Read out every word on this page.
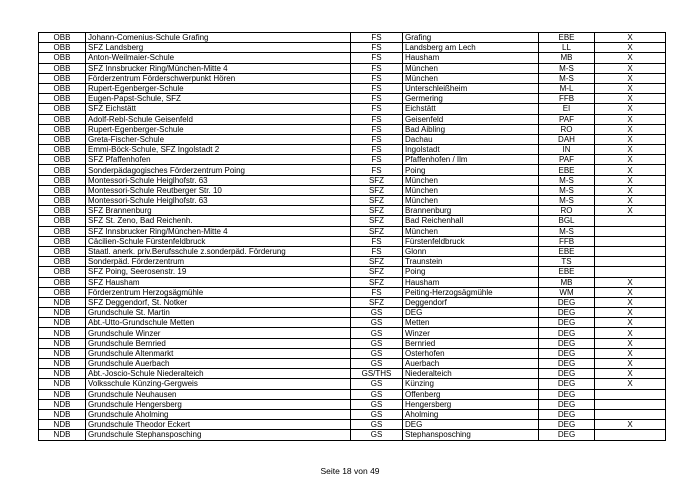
OBB	Johann-Comenius-Schule Grafing	FS	Grafing	EBE	X
OBB	SFZ Landsberg	FS	Landsberg am Lech	LL	X
OBB	Anton-Weilmaier-Schule	FS	Hausham	MB	X
OBB	SFZ Innsbrucker Ring/München-Mitte 4	FS	München	M-S	X
OBB	Förderzentrum Förderschwerpunkt Hören	FS	München	M-S	X
OBB	Rupert-Egenberger-Schule	FS	Unterschleißheim	M-L	X
OBB	Eugen-Papst-Schule, SFZ	FS	Germering	FFB	X
OBB	SFZ Eichstätt	FS	Eichstätt	EI	X
OBB	Adolf-Rebl-Schule Geisenfeld	FS	Geisenfeld	PAF	X
OBB	Rupert-Egenberger-Schule	FS	Bad Aibling	RO	X
OBB	Greta-Fischer-Schule	FS	Dachau	DAH	X
OBB	Emmi-Böck-Schule, SFZ Ingolstadt 2	FS	Ingolstadt	IN	X
OBB	SFZ Pfaffenhofen	FS	Pfaffenhofen / Ilm	PAF	X
OBB	Sonderpädagogisches Förderzentrum Poing	FS	Poing	EBE	X
OBB	Montessori-Schule Heiglhofstr. 63	SFZ	München	M-S	X
OBB	Montessori-Schule Reutberger Str. 10	SFZ	München	M-S	X
OBB	Montessori-Schule Heiglhofstr. 63	SFZ	München	M-S	X
OBB	SFZ Brannenburg	SFZ	Brannenburg	RO	X
OBB	SFZ St. Zeno, Bad Reichenh.	SFZ	Bad Reichenhall	BGL	
OBB	SFZ Innsbrucker Ring/München-Mitte 4	SFZ	München	M-S	
OBB	Cäcilien-Schule Fürstenfeldbruck	FS	Fürstenfeldbruck	FFB	
OBB	Staatl. anerk. priv.Berufsschule z.sonderpäd. Förderung	FS	Glonn	EBE	
OBB	Sonderpäd. Förderzentrum	SFZ	Traunstein	TS	
OBB	SFZ Poing, Seerosenstr. 19	SFZ	Poing	EBE	
OBB	SFZ Hausham	SFZ	Hausham	MB	X
OBB	Förderzentrum Herzogsägmühle	FS	Peiting-Herzogsägmühle	WM	X
NDB	SFZ Deggendorf, St. Notker	SFZ	Deggendorf	DEG	X
NDB	Grundschule St. Martin	GS	DEG	DEG	X
NDB	Abt.-Utto-Grundschule Metten	GS	Metten	DEG	X
NDB	Grundschule Winzer	GS	Winzer	DEG	X
NDB	Grundschule Bernried	GS	Bernried	DEG	X
NDB	Grundschule Altenmarkt	GS	Osterhofen	DEG	X
NDB	Grundschule Auerbach	GS	Auerbach	DEG	X
NDB	Abt.-Joscio-Schule Niederalteich	GS/THS	Niederalteich	DEG	X
NDB	Volksschule Künzing-Gergweis	GS	Künzing	DEG	X
NDB	Grundschule Neuhausen	GS	Offenberg	DEG	
NDB	Grundschule Hengersberg	GS	Hengersberg	DEG	
NDB	Grundschule Aholming	GS	Aholming	DEG	
NDB	Grundschule Theodor Eckert	GS	DEG	DEG	X
NDB	Grundschule Stephansposching	GS	Stephansposching	DEG	
Seite 18 von 49
